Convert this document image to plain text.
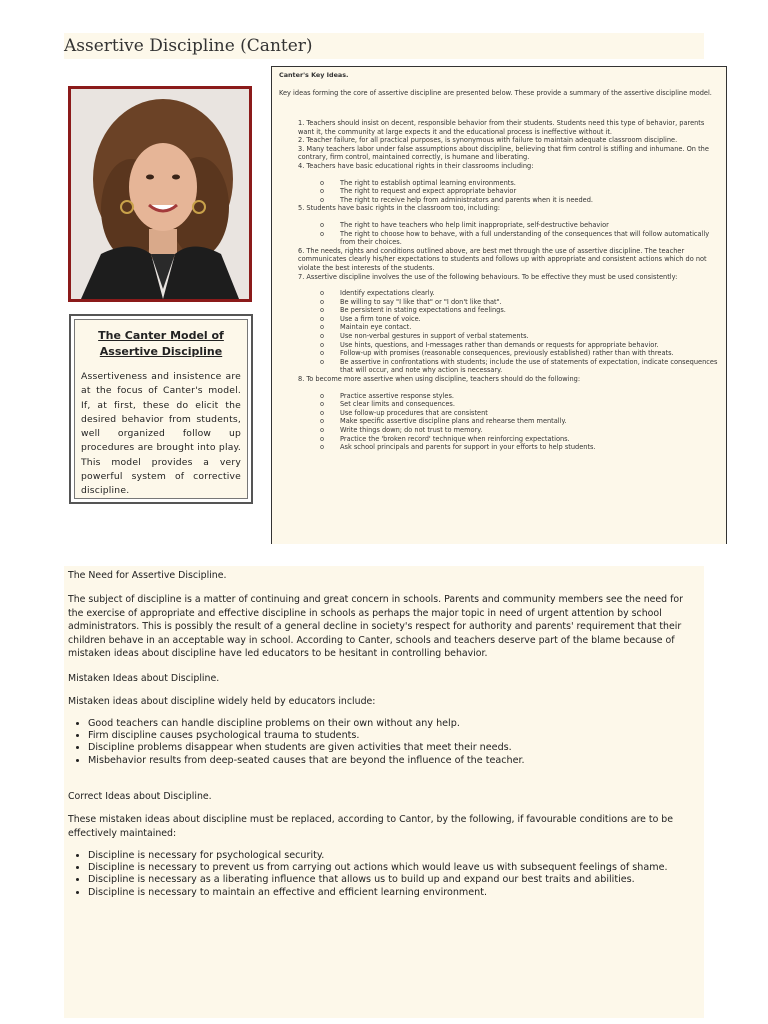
Assertive Discipline (Canter)
The Canter Model of
Assertive Discipline
Assertiveness and insistence are at the focus of Canter's model. If, at first, these do elicit the desired behavior from students, well organized follow up procedures are brought into play. This model provides a very powerful system of corrective discipline.
Canter's Key Ideas.
Key ideas forming the core of assertive discipline are presented below. These provide a summary of the assertive discipline model.

1. Teachers should insist on decent, responsible behavior from their students. Students need this type of behavior, parents want it, the community at large expects it and the educational process is ineffective without it.

2. Teacher failure, for all practical purposes, is synonymous with failure to maintain adequate classroom discipline.

3. Many teachers labor under false assumptions about discipline, believing that firm control is stifling and inhumane. On the contrary, firm control, maintained correctly, is humane and liberating.

4. Teachers have basic educational rights in their classrooms including:

o The right to establish optimal learning environments.
o The right to request and expect appropriate behavior
o The right to receive help from administrators and parents when it is needed.

5. Students have basic rights in the classroom too, including:

o The right to have teachers who help limit inappropriate, self-destructive behavior
o The right to choose how to behave, with a full understanding of the consequences that will follow automatically from their choices.

6. The needs, rights and conditions outlined above, are best met through the use of assertive discipline. The teacher communicates clearly his/her expectations to students and follows up with appropriate and consistent actions which do not violate the best interests of the students.

7. Assertive discipline involves the use of the following behaviours. To be effective they must be used consistently:

o Identify expectations clearly.
o Be willing to say "I like that" or "I don't like that".
o Be persistent in stating expectations and feelings.
o Use a firm tone of voice.
o Maintain eye contact.
o Use non-verbal gestures in support of verbal statements.
o Use hints, questions, and I-messages rather than demands or requests for appropriate behavior.
o Follow-up with promises (reasonable consequences, previously established) rather than with threats.
o Be assertive in confrontations with students; include the use of statements of expectation, indicate consequences that will occur, and note why action is necessary.

8. To become more assertive when using discipline, teachers should do the following:

o Practice assertive response styles.
o Set clear limits and consequences.
o Use follow-up procedures that are consistent
o Make specific assertive discipline plans and rehearse them mentally.
o Write things down; do not trust to memory.
o Practice the 'broken record' technique when reinforcing expectations.
o Ask school principals and parents for support in your efforts to help students.

The Need for Assertive Discipline.

The subject of discipline is a matter of continuing and great concern in schools. Parents and community members see the need for the exercise of appropriate and effective discipline in schools as perhaps the major topic in need of urgent attention by school administrators. This is possibly the result of a general decline in society's respect for authority and parents' requirement that their children behave in an acceptable way in school. According to Canter, schools and teachers deserve part of the blame because of mistaken ideas about discipline have led educators to be hesitant in controlling behavior.

Mistaken Ideas about Discipline.

Mistaken ideas about discipline widely held by educators include:

• Good teachers can handle discipline problems on their own without any help.
• Firm discipline causes psychological trauma to students.
• Discipline problems disappear when students are given activities that meet their needs.
• Misbehavior results from deep-seated causes that are beyond the influence of the teacher.

Correct Ideas about Discipline.

These mistaken ideas about discipline must be replaced, according to Cantor, by the following, if favourable conditions are to be effectively maintained:

• Discipline is necessary for psychological security.
• Discipline is necessary to prevent us from carrying out actions which would leave us with subsequent feelings of shame.
• Discipline is necessary as a liberating influence that allows us to build up and expand our best traits and abilities.
• Discipline is necessary to maintain an effective and efficient learning environment.
